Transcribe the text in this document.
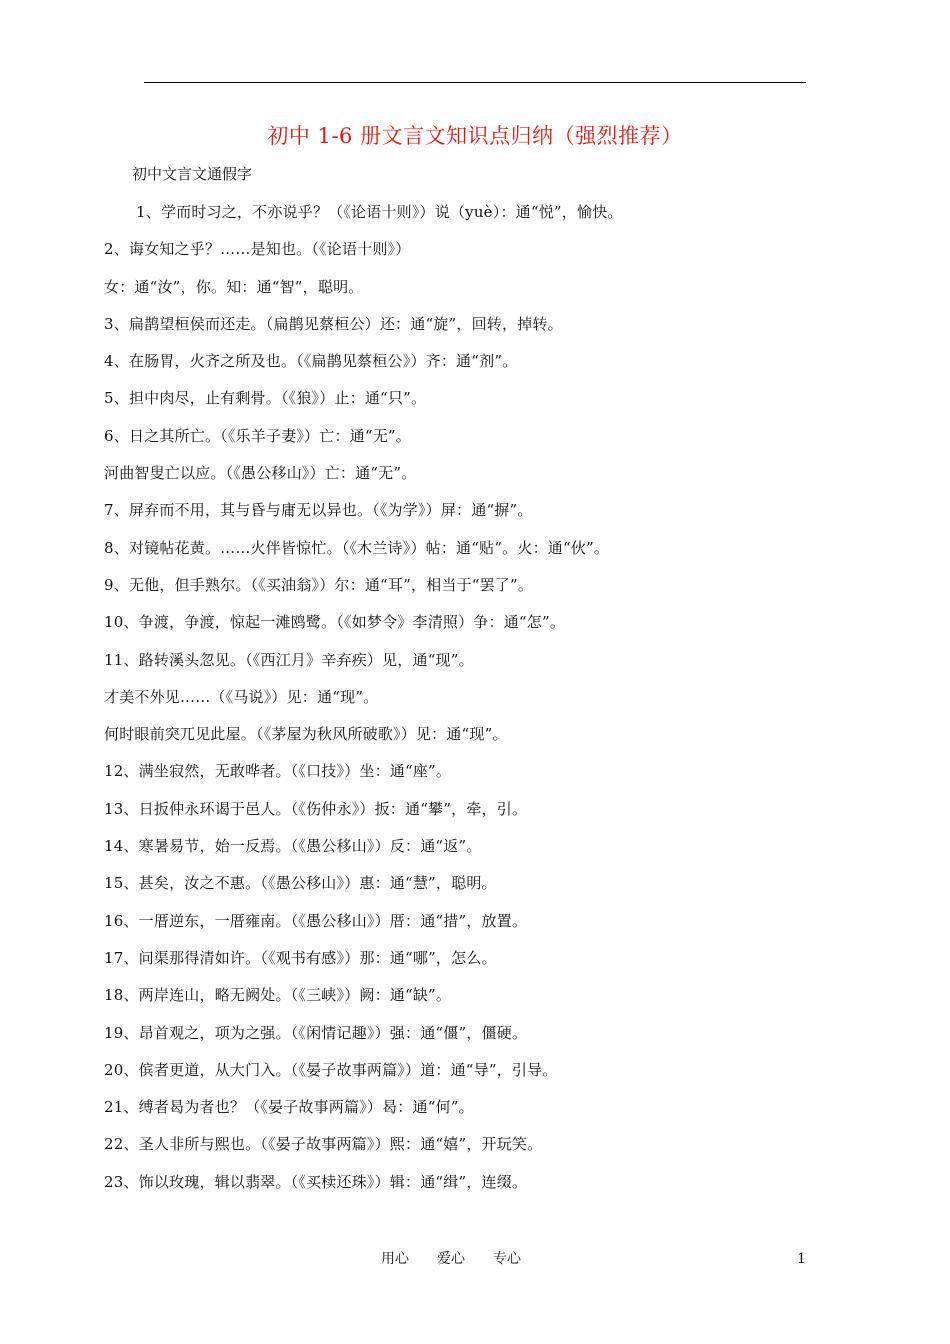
初中 1-6 册文言文知识点归纳（强烈推荐）
初中文言文通假字
1、学而时习之，不亦说乎？（《论语十则》）说（yuè）：通“悦”，愉快。
2、诲女知之乎？……是知也。（《论语十则》）
女：通“汝”，你。知：通“智”，聪明。
3、扁鹊望桓侯而还走。（扁鹊见蔡桓公）还：通“旋”，回转，掉转。
4、在肠胃，火齐之所及也。（《扁鹊见蔡桓公》）齐：通“剂”。
5、担中肉尽，止有剩骨。（《狼》）止：通“只”。
6、日之其所亡。（《乐羊子妻》）亡：通“无”。
河曲智叟亡以应。（《愚公移山》）亡：通“无”。
7、屏弃而不用，其与昏与庸无以异也。（《为学》）屏：通“摒”。
8、对镜帖花黄。……火伴皆惊忙。（《木兰诗》）帖：通“贴”。火：通“伙”。
9、无他，但手熟尔。（《买油翁》）尔：通“耳”，相当于“罢了”。
10、争渡，争渡，惊起一滩鸥鹭。（《如梦令》李清照）争：通“怎”。
11、路转溪头忽见。（《西江月》辛弃疾）见，通“现”。
才美不外见……（《马说》）见：通“现”。
何时眼前突兀见此屋。（《茅屋为秋风所破歌》）见：通“现”。
12、满坐寂然，无敢哗者。（《口技》）坐：通“座”。
13、日扳仲永环谒于邑人。（《伤仲永》）扳：通“攀”，牵，引。
14、寒暑易节，始一反焉。（《愚公移山》）反：通“返”。
15、甚矣，汝之不惠。（《愚公移山》）惠：通“慧”，聪明。
16、一厝逆东，一厝雍南。（《愚公移山》）厝：通“措”，放置。
17、问渠那得清如许。（《观书有感》）那：通“哪”，怎么。
18、两岸连山，略无阙处。（《三峡》）阙：通“缺”。
19、昂首观之，项为之强。（《闲情记趣》）强：通“僵”，僵硬。
20、傧者更道，从大门入。（《晏子故事两篇》）道：通“导”，引导。
21、缚者曷为者也？（《晏子故事两篇》）曷：通“何”。
22、圣人非所与熙也。（《晏子故事两篇》）熙：通“嬉”，开玩笑。
23、饰以玫瑰，辑以翡翠。（《买椟还珠》）辑：通“缉”，连缀。
用心　　爱心　　专心	1
